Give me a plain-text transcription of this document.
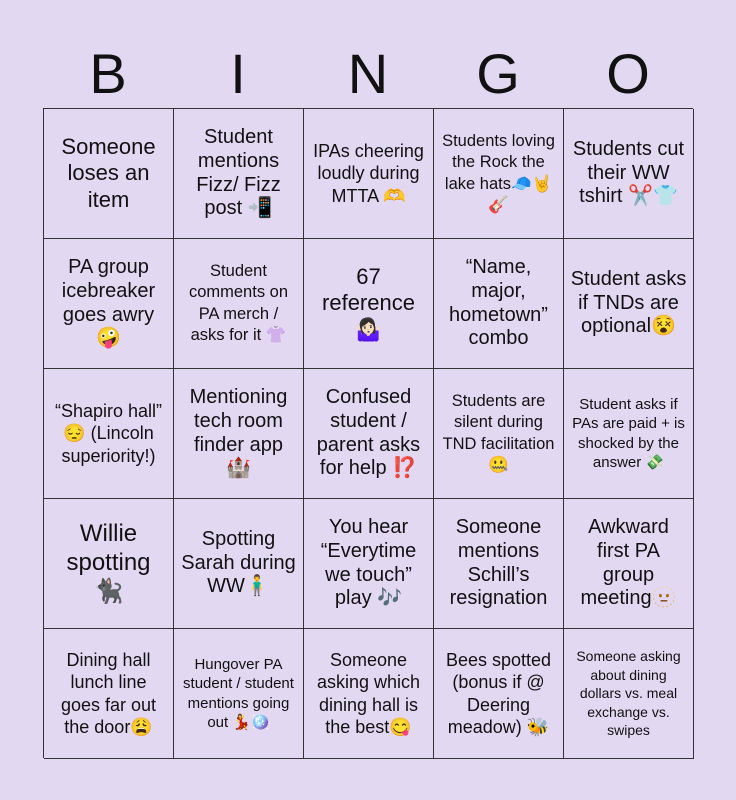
B	I	N	G	O
Someone loses an item
Student mentions Fizz/ Fizz post 📲
IPAs cheering loudly during MTTA 🫶
Students loving the Rock the lake hats🧢🤘🎸
Students cut their WW tshirt ✂️👕
PA group icebreaker goes awry 🤪
Student comments on PA merch / asks for it 👚
67 reference 🤷🏻‍♀️
“Name, major, hometown” combo
Student asks if TNDs are optional😵
“Shapiro hall” 😔 (Lincoln superiority!)
Mentioning tech room finder app 🏰
Confused student / parent asks for help ⁉️
Students are silent during TND facilitation 🤐
Student asks if PAs are paid + is shocked by the answer 💸
Willie spotting 🐈‍⬛
Spotting Sarah during WW🧍‍♂️
You hear “Everytime we touch” play 🎶
Someone mentions Schill’s resignation
Awkward first PA group meeting🫥
Dining hall lunch line goes far out the door😩
Hungover PA student / student mentions going out 💃🪩
Someone asking which dining hall is the best😋
Bees spotted (bonus if @ Deering meadow) 🐝
Someone asking about dining dollars vs. meal exchange vs. swipes
